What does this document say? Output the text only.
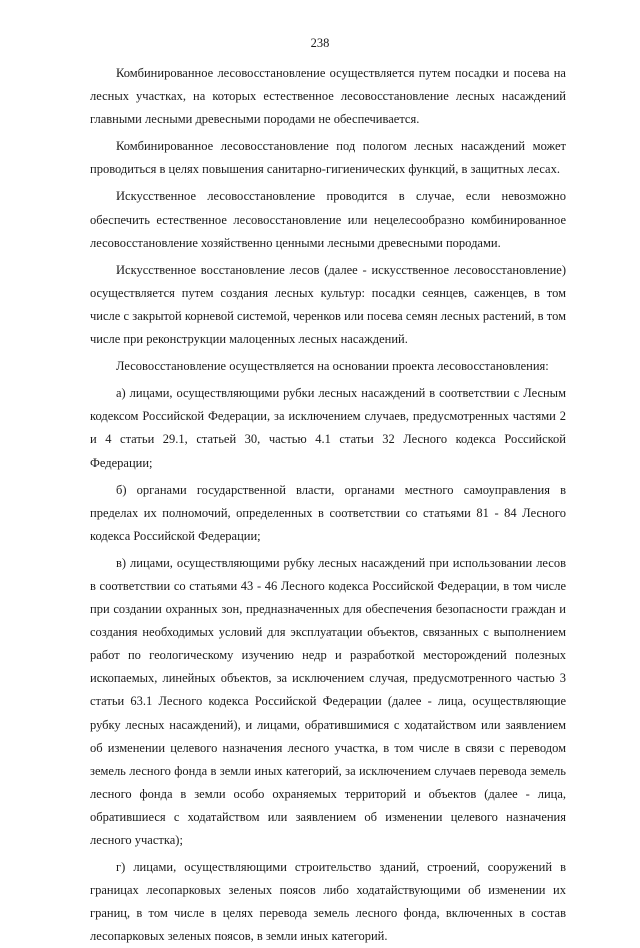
238

Комбинированное лесовосстановление осуществляется путем посадки и посева на лесных участках, на которых естественное лесовосстановление лесных насаждений главными лесными древесными породами не обеспечивается.

Комбинированное лесовосстановление под пологом лесных насаждений может проводиться в целях повышения санитарно-гигиенических функций, в защитных лесах.

Искусственное лесовосстановление проводится в случае, если невозможно обеспечить естественное лесовосстановление или нецелесообразно комбинированное лесовосстановление хозяйственно ценными лесными древесными породами.

Искусственное восстановление лесов (далее - искусственное лесовосстановление) осуществляется путем создания лесных культур: посадки сеянцев, саженцев, в том числе с закрытой корневой системой, черенков или посева семян лесных растений, в том числе при реконструкции малоценных лесных насаждений.

Лесовосстановление осуществляется на основании проекта лесовосстановления:

а) лицами, осуществляющими рубки лесных насаждений в соответствии с Лесным кодексом Российской Федерации, за исключением случаев, предусмотренных частями 2 и 4 статьи 29.1, статьей 30, частью 4.1 статьи 32 Лесного кодекса Российской Федерации;

б) органами государственной власти, органами местного самоуправления в пределах их полномочий, определенных в соответствии со статьями 81 - 84 Лесного кодекса Российской Федерации;

в) лицами, осуществляющими рубку лесных насаждений при использовании лесов в соответствии со статьями 43 - 46 Лесного кодекса Российской Федерации, в том числе при создании охранных зон, предназначенных для обеспечения безопасности граждан и создания необходимых условий для эксплуатации объектов, связанных с выполнением работ по геологическому изучению недр и разработкой месторождений полезных ископаемых, линейных объектов, за исключением случая, предусмотренного частью 3 статьи 63.1 Лесного кодекса Российской Федерации (далее - лица, осуществляющие рубку лесных насаждений), и лицами, обратившимися с ходатайством или заявлением об изменении целевого назначения лесного участка, в том числе в связи с переводом земель лесного фонда в земли иных категорий, за исключением случаев перевода земель лесного фонда в земли особо охраняемых территорий и объектов (далее - лица, обратившиеся с ходатайством или заявлением об изменении целевого назначения лесного участка);

г) лицами, осуществляющими строительство зданий, строений, сооружений в границах лесопарковых зеленых поясов либо ходатайствующими об изменении их границ, в том числе в целях перевода земель лесного фонда, включенных в состав лесопарковых зеленых поясов, в земли иных категорий.
